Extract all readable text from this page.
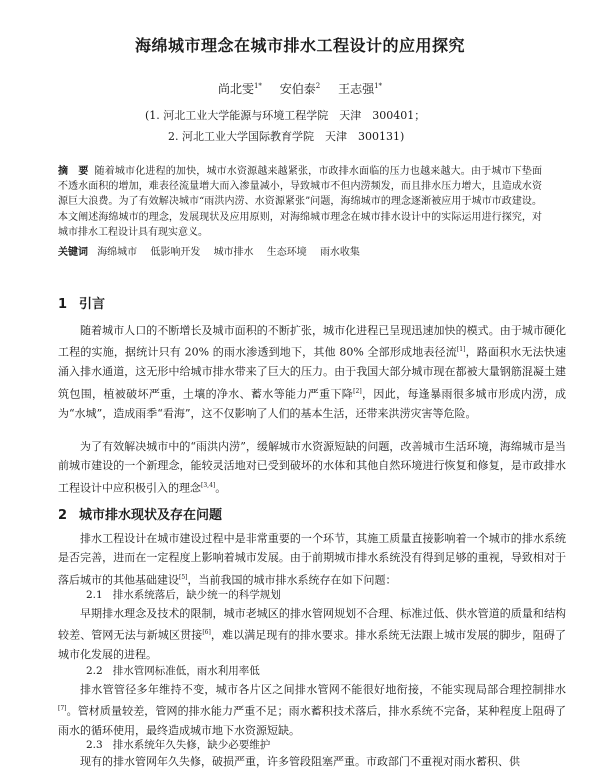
海绵城市理念在城市排水工程设计的应用探究
尚北雯$^{1*}$ 安伯泰$^2$ 王志强$^{1*}$
(1. 河北工业大学能源与环境工程学院　天津　300401；
2. 河北工业大学国际教育学院　天津　300131)
摘　要 随着城市化进程的加快，城市水资源越来越紧张，市政排水面临的压力也越来越大。由于城市下垫面不透水面积的增加，难表径流量增大而入渗量减小，导致城市不但内涝频发，而且排水压力增大，且造成水资源巨大浪费。为了有效解决城市“雨洪内涝、水资源紧张”问题，海绵城市的理念逐渐被应用于城市市政建设。本文阐述海绵城市的理念，发展现状及应用原则，对海绵城市理念在城市排水设计中的实际运用进行探究，对城市排水工程设计具有现实意义。
关键词 海绵城市 低影响开发 城市排水 生态环境 雨水收集
1 引言
随着城市人口的不断增长及城市面积的不断扩张，城市化进程已呈现迅速加快的模式。由于城市硬化工程的实施，据统计只有 20% 的雨水渗透到地下，其他 80% 全部形成地表径流[1]，路面积水无法快速涌入排水通道，这无形中给城市排水带来了巨大的压力。由于我国大部分城市现在都被大量钢筋混凝土建筑包围，植被破坏严重，土壤的净水、蓄水等能力严重下降[2]，因此，每逢暴雨很多城市形成内涝，成为“水城”，造成雨季“看海”，这不仅影响了人们的基本生活，还带来洪涝灾害等危险。
为了有效解决城市中的“雨洪内涝”，缓解城市水资源短缺的问题，改善城市生活环境，海绵城市是当前城市建设的一个新理念，能较灵活地对已受到破坏的水体和其他自然环境进行恢复和修复，是市政排水工程设计中应积极引入的理念[3,4]。
2 城市排水现状及存在问题
排水工程设计在城市建设过程中是非常重要的一个环节，其施工质量直接影响着一个城市的排水系统是否完善，进而在一定程度上影响着城市发展。由于前期城市排水系统没有得到足够的重视，导致相对于落后城市的其他基础建设[5]，当前我国的城市排水系统存在如下问题：
2.1 排水系统落后，缺少统一的科学规划
早期排水理念及技术的限制，城市老城区的排水管网规划不合理、标准过低、供水管道的质量和结构较差、管网无法与新城区贯接[6]，难以满足现有的排水要求。排水系统无法跟上城市发展的脚步，阻碍了城市化发展的进程。
2.2 排水管网标准低，雨水利用率低
排水管管径多年维持不变，城市各片区之间排水管网不能很好地衔接，不能实现局部合理控制排水[7]。管材质量较差，管网的排水能力严重不足；雨水蓄积技术落后，排水系统不完备，某种程度上阻碍了雨水的循环使用，最终造成城市地下水资源短缺。
2.3 排水系统年久失修，缺少必要维护
现有的排水管网年久失修，破损严重，许多管段阻塞严重。市政部门不重视对雨水蓄积、供
